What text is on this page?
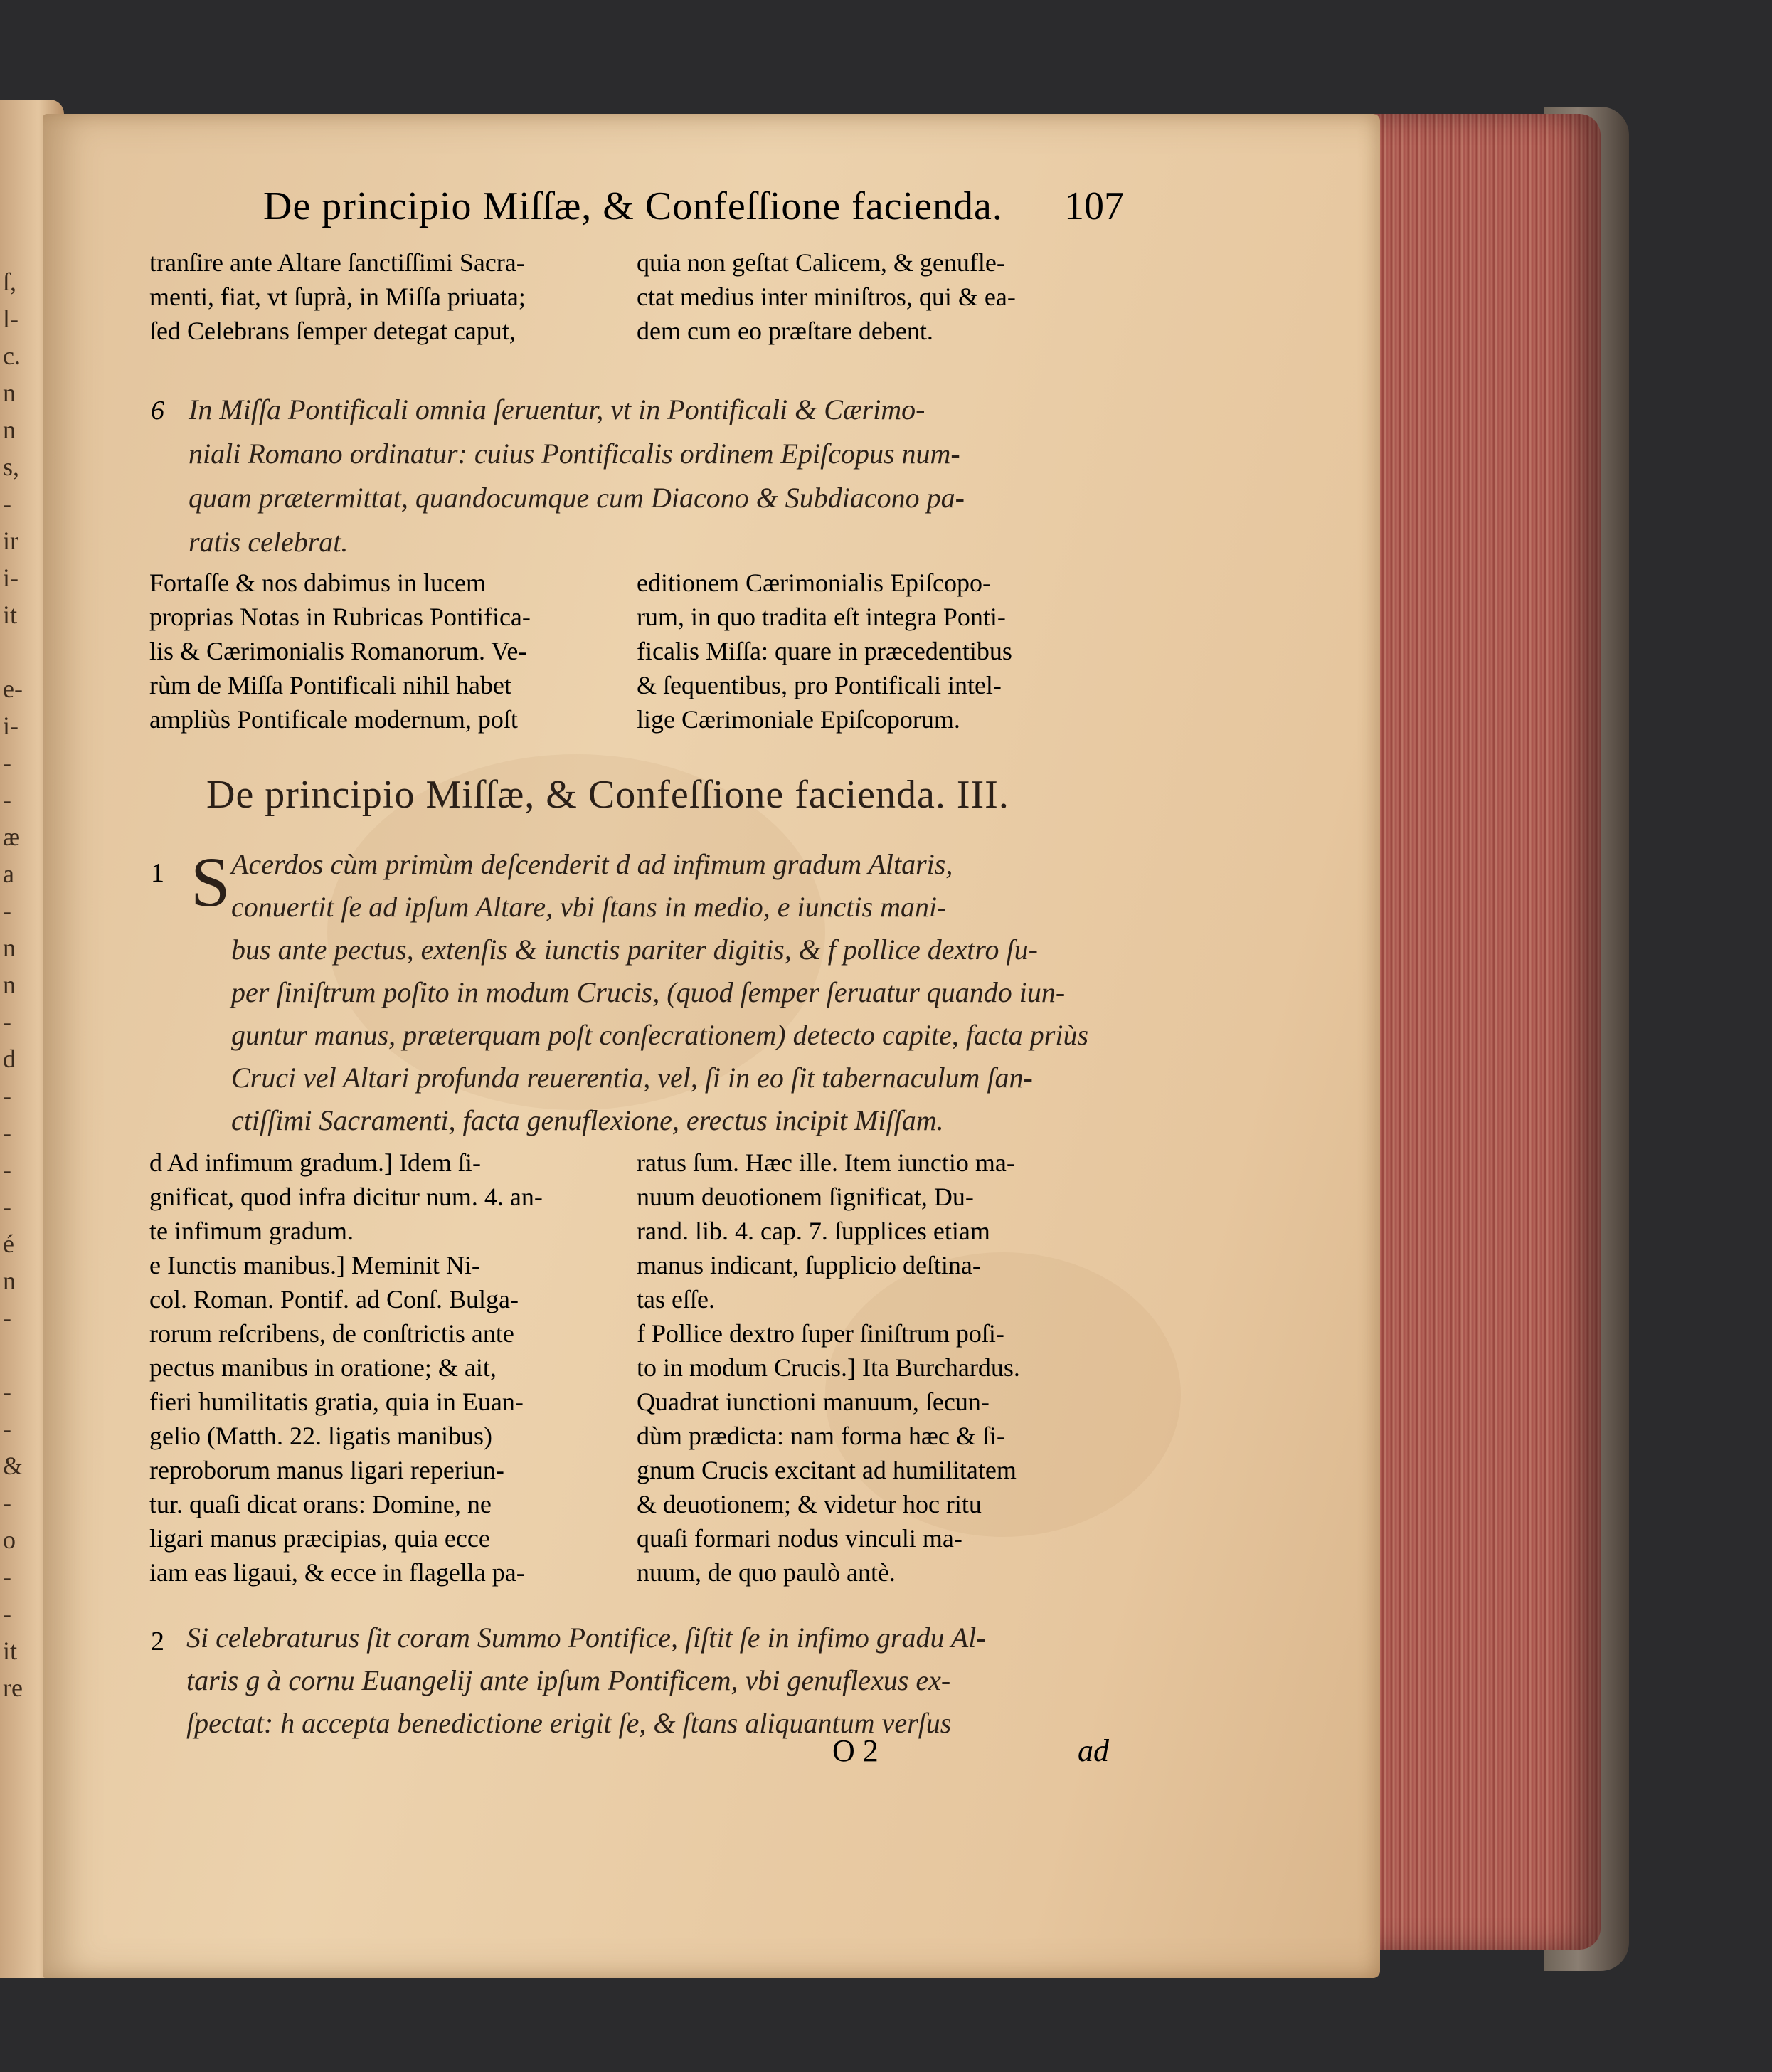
ſ,
l-
c.
n
n
s,
-
ir
i-
it
e-
i-
-
-
æ
a
-
n
n
-
d
-
-
-
-
é
n
-
-
-
&
-
o
-
-
it
re
De principio Miſſæ, & Confeſſione facienda. 107
tranſire ante Altare ſanctiſſimi Sacra-
menti, fiat, vt ſuprà, in Miſſa priuata;
ſed Celebrans ſemper detegat caput,
quia non geſtat Calicem, & genufle-
ctat medius inter miniſtros, qui & ea-
dem cum eo præſtare debent.
6 In Miſſa Pontificali omnia ſeruentur, vt in Pontificali & Cærimo-
niali Romano ordinatur: cuius Pontificalis ordinem Epiſcopus num-
quam prætermittat, quandocumque cum Diacono & Subdiacono pa-
ratis celebrat.
Fortaſſe & nos dabimus in lucem
proprias Notas in Rubricas Pontifica-
lis & Cærimonialis Romanorum. Ve-
rùm de Miſſa Pontificali nihil habet
ampliùs Pontificale modernum, poſt
editionem Cærimonialis Epiſcopo-
rum, in quo tradita eſt integra Ponti-
ficalis Miſſa: quare in præcedentibus
& ſequentibus, pro Pontificali intel-
lige Cærimoniale Epiſcoporum.
De principio Miſſæ, & Confeſſione facienda. III.
1 S Acerdos cùm primùm deſcenderit d ad infimum gradum Altaris,
conuertit ſe ad ipſum Altare, vbi ſtans in medio, e iunctis mani-
bus ante pectus, extenſis & iunctis pariter digitis, & f pollice dextro ſu-
per ſiniſtrum poſito in modum Crucis, (quod ſemper ſeruatur quando iun-
guntur manus, præterquam poſt conſecrationem) detecto capite, facta priùs
Cruci vel Altari profunda reuerentia, vel, ſi in eo ſit tabernaculum ſan-
ctiſſimi Sacramenti, facta genuflexione, erectus incipit Miſſam.
d Ad infimum gradum.] Idem ſi-
gnificat, quod infra dicitur num. 4. an-
te infimum gradum.
e Iunctis manibus.] Meminit Ni-
col. Roman. Pontif. ad Conſ. Bulga-
rorum reſcribens, de conſtrictis ante
pectus manibus in oratione; & ait,
fieri humilitatis gratia, quia in Euan-
gelio (Matth. 22. ligatis manibus)
reproborum manus ligari reperiun-
tur. quaſi dicat orans: Domine, ne
ligari manus præcipias, quia ecce
iam eas ligaui, & ecce in flagella pa-
ratus ſum. Hæc ille. Item iunctio ma-
nuum deuotionem ſignificat, Du-
rand. lib. 4. cap. 7. ſupplices etiam
manus indicant, ſupplicio deſtina-
tas eſſe.
f Pollice dextro ſuper ſiniſtrum poſi-
to in modum Crucis.] Ita Burchardus.
Quadrat iunctioni manuum, ſecun-
dùm prædicta: nam forma hæc & ſi-
gnum Crucis excitant ad humilitatem
& deuotionem; & videtur hoc ritu
quaſi formari nodus vinculi ma-
nuum, de quo paulò antè.
2 Si celebraturus ſit coram Summo Pontifice, ſiſtit ſe in infimo gradu Al-
taris g à cornu Euangelij ante ipſum Pontificem, vbi genuflexus ex-
ſpectat: h accepta benedictione erigit ſe, & ſtans aliquantum verſus
O 2	ad
